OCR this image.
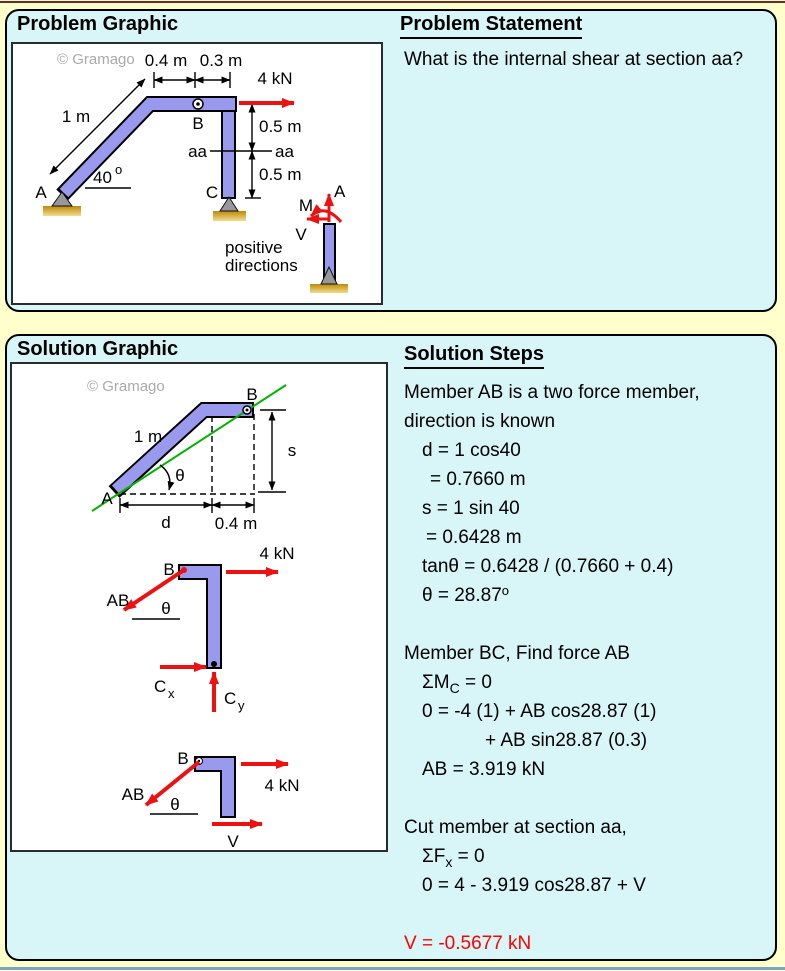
Problem Graphic	Problem Statement
What is the internal shear at section aa?
© Gramago 0.4 m 0.3 m
1 m
40 o
aa	aa
0.5 m
0.5 m
4 kN
A
B
C	A
V
M
positive
directions
Solution Graphic	Solution Steps
Member AB is a two force member,
direction is known
d = 1 cos40
= 0.7660 m
s = 1 sin 40
= 0.6428 m
tanθ = 0.6428 / (0.7660 + 0.4)
$\theta = 28.87^o$
Member BC, Find force AB
$\Sigma M_C = 0$
0 = -4 (1) + AB cos28.87 (1)
+ AB sin28.87 (0.3)
AB = 3.919 kN
Cut member at section aa,
$\Sigma F_x = 0$
0 = 4 - 3.919 cos28.87 + V
V = -0.5677 kN
© Gramago	B
A
1 m
θ
s
d	0.4 m
4 kN
B
AB θ
C x	C y
B
4 kN
AB
θ
V
